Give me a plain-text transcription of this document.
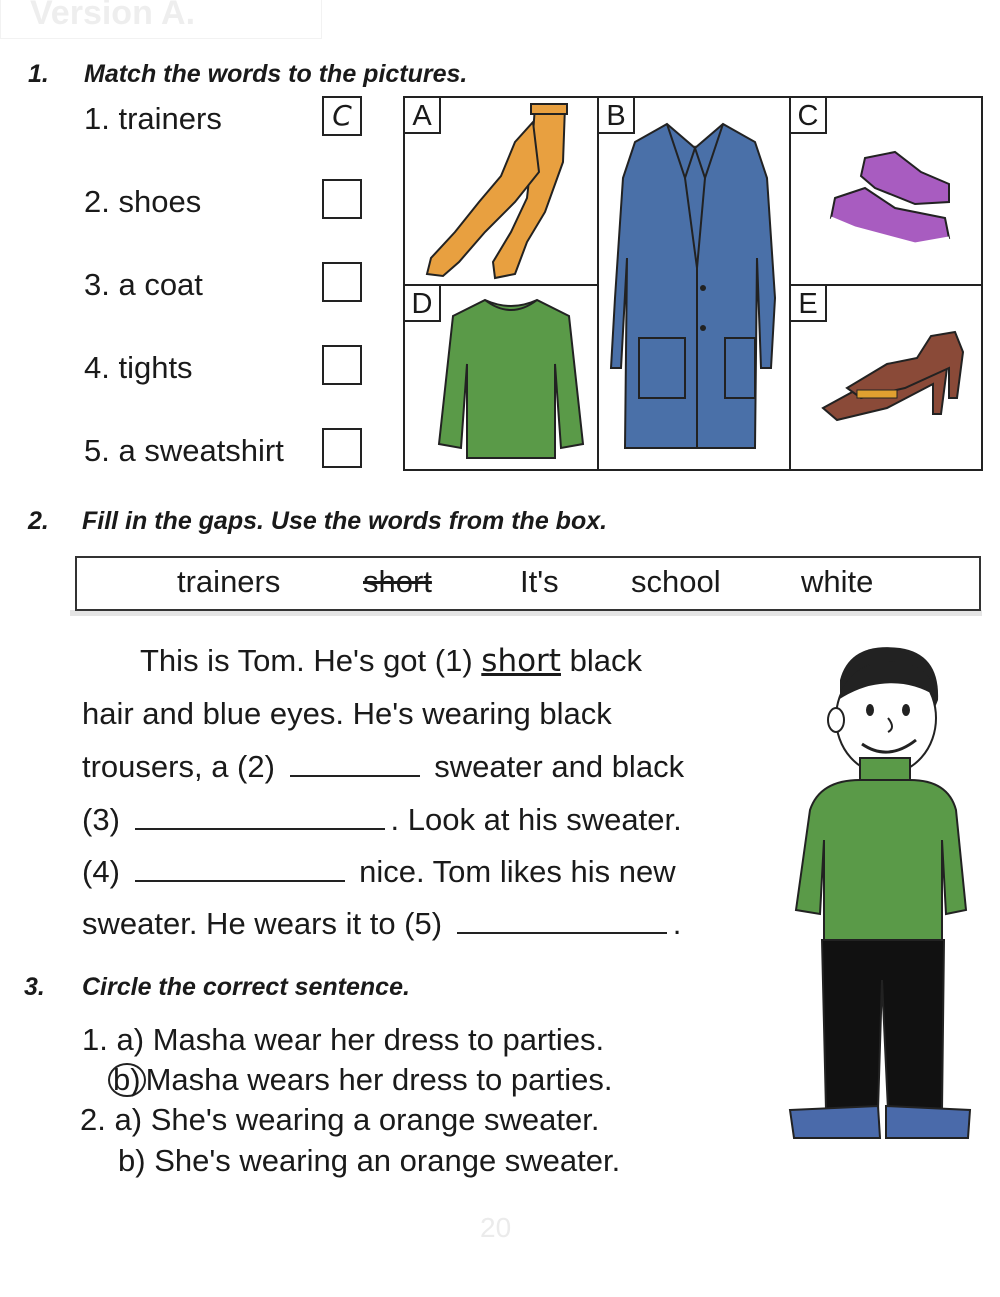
Version A.
1. Match the words to the pictures.
1. trainers
2. shoes
3. a coat
4. tights
5. a sweatshirt
C	A	B	C
D	E
2. Fill in the gaps. Use the words from the box.
trainers	short	It's school	white
This is Tom. He's got (1) short black
hair and blue eyes. He's wearing black
trousers, a (2)	sweater and black
(3)	. Look at his sweater.
(4)	nice. Tom likes his new
sweater. He wears it to (5)	.
3. Circle the correct sentence.
1. a) Masha wear her dress to parties.
b) Masha wears her dress to parties.
2. a) She's wearing a orange sweater.
b) She's wearing an orange sweater.
20
